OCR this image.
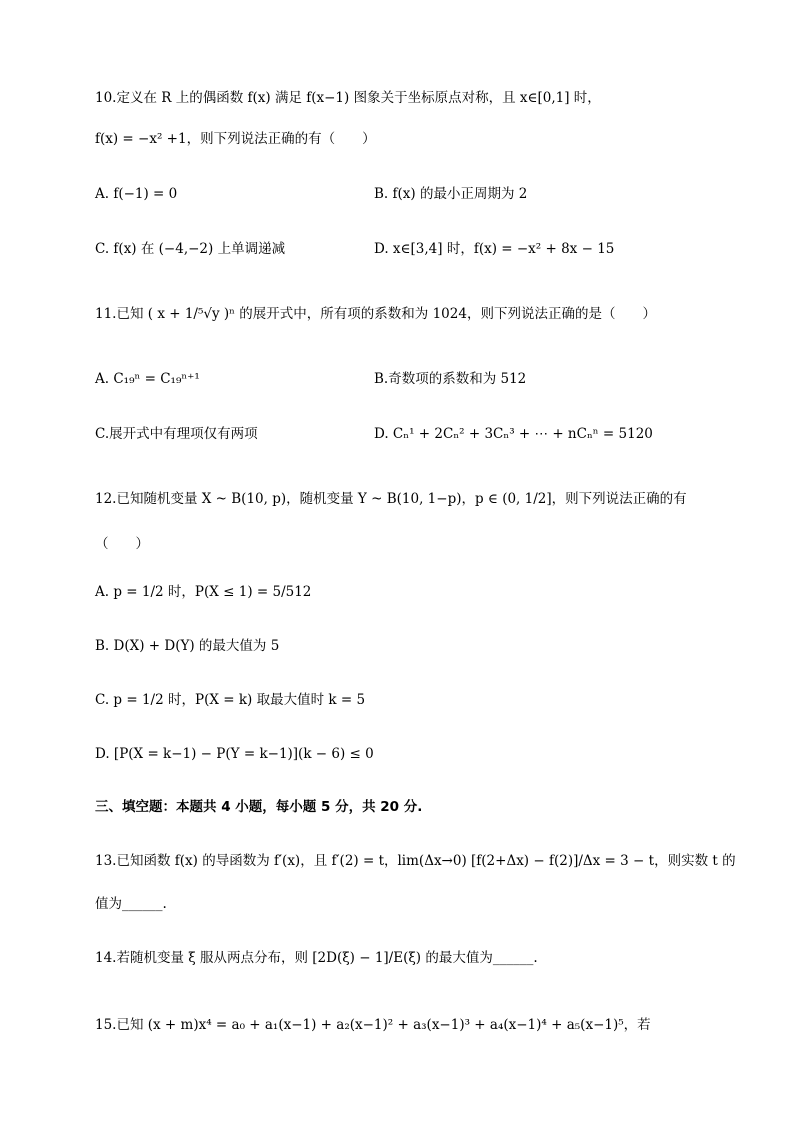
10.定义在 R 上的偶函数 f(x) 满足 f(x−1) 图象关于坐标原点对称，且 x∈[0,1] 时，
f(x) = −x² +1，则下列说法正确的有（　　）
A. f(−1) = 0	B. f(x) 的最小正周期为 2
C. f(x) 在 (−4,−2) 上单调递减	D. x∈[3,4] 时，f(x) = −x² + 8x − 15
11.已知 ( x + 1/⁵√y )ⁿ 的展开式中，所有项的系数和为 1024，则下列说法正确的是（　　）
A. C₁₉ⁿ = C₁₉ⁿ⁺¹	B.奇数项的系数和为 512
C.展开式中有理项仅有两项	D. Cₙ¹ + 2Cₙ² + 3Cₙ³ + ⋯ + nCₙⁿ = 5120
12.已知随机变量 X ~ B(10, p)，随机变量 Y ~ B(10, 1−p)，p ∈ (0, 1/2]，则下列说法正确的有
（　　）
A. p = 1/2 时，P(X ≤ 1) = 5/512
B. D(X) + D(Y) 的最大值为 5
C. p = 1/2 时，P(X = k) 取最大值时 k = 5
D. [P(X = k−1) − P(Y = k−1)](k − 6) ≤ 0
三、填空题：本题共 4 小题，每小题 5 分，共 20 分.
13.已知函数 f(x) 的导函数为 f′(x)，且 f′(2) = t，lim(Δx→0) [f(2+Δx) − f(2)]/Δx = 3 − t，则实数 t 的
值为______.
14.若随机变量 ξ 服从两点分布，则 [2D(ξ) − 1]/E(ξ) 的最大值为______.
15.已知 (x + m)x⁴ = a₀ + a₁(x−1) + a₂(x−1)² + a₃(x−1)³ + a₄(x−1)⁴ + a₅(x−1)⁵，若
